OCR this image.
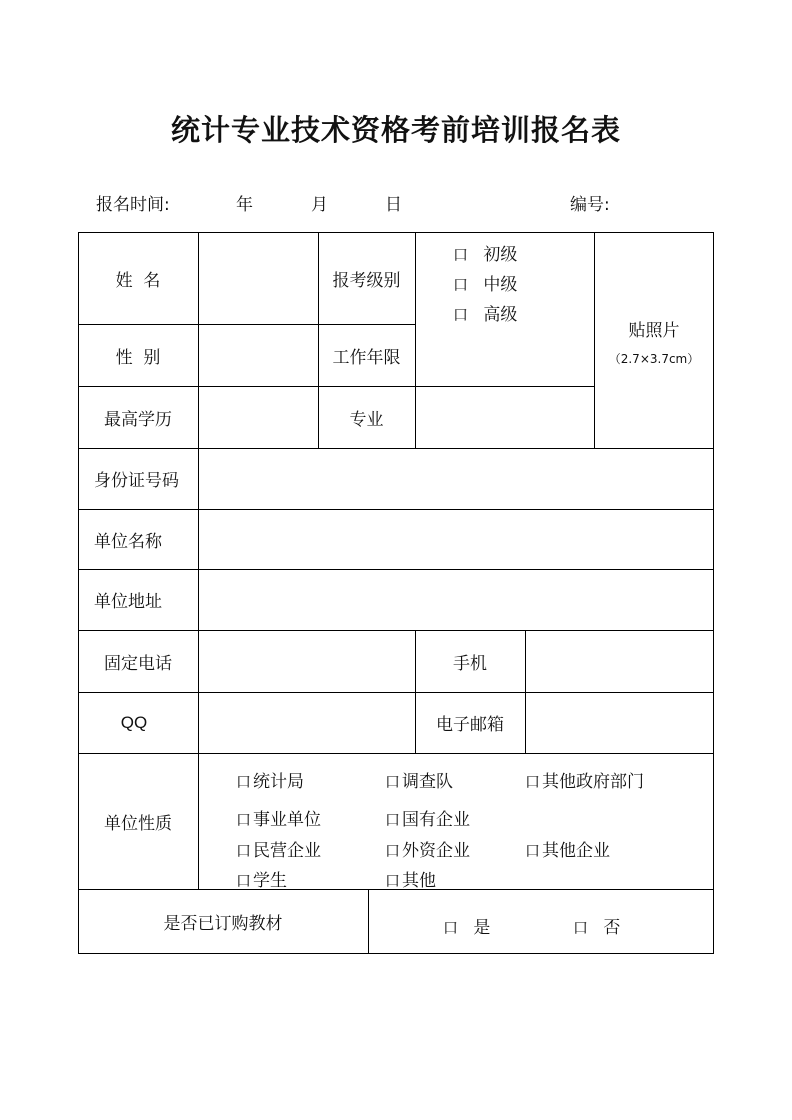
统计专业技术资格考前培训报名表
报名时间:	年	月	日	编号:
姓  名	报考级别
口 初级
口 中级
口 高级
贴照片
（2.7×3.7cm）
性  别	工作年限
最高学历	专业
身份证号码
单位名称
单位地址
固定电话	手机
QQ	电子邮箱
单位性质
口 统计局	口 调查队	口 其他政府部门
口 事业单位	口 国有企业
口 民营企业	口 外资企业	口 其他企业
口 学生	口 其他
是否已订购教材	口 是	口 否
